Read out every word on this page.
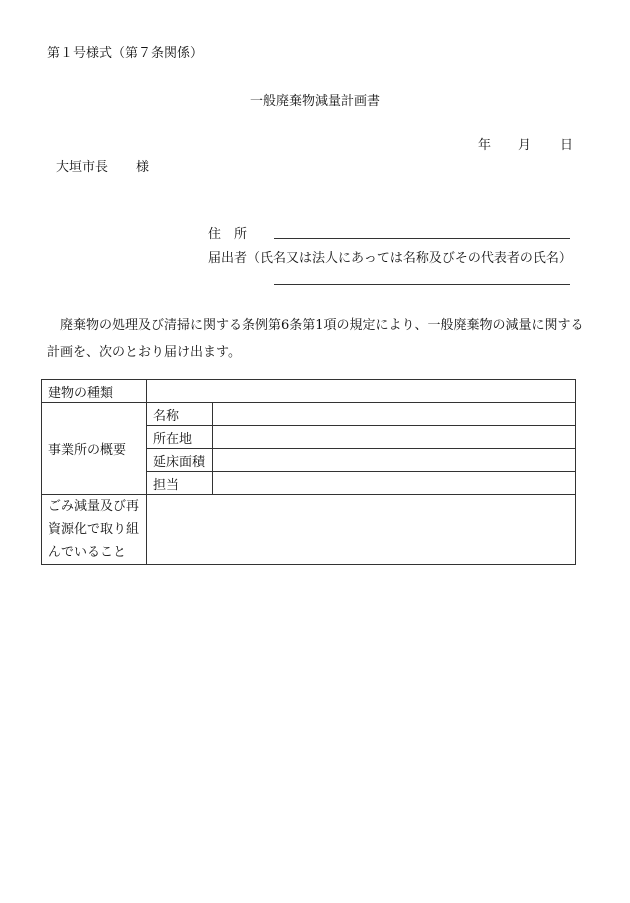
第１号様式（第７条関係）
一般廃棄物減量計画書
年 月 日
大垣市長 様
住　所
届出者（氏名又は法人にあっては名称及びその代表者の氏名）
廃棄物の処理及び清掃に関する条例第6条第1項の規定により、一般廃棄物の減量に関する計画を、次のとおり届け出ます。
建物の種類		
事業所の概要	名称	
	所在地	
	延床面積	
	担当	
ごみ減量及び再資源化で取り組んでいること		
